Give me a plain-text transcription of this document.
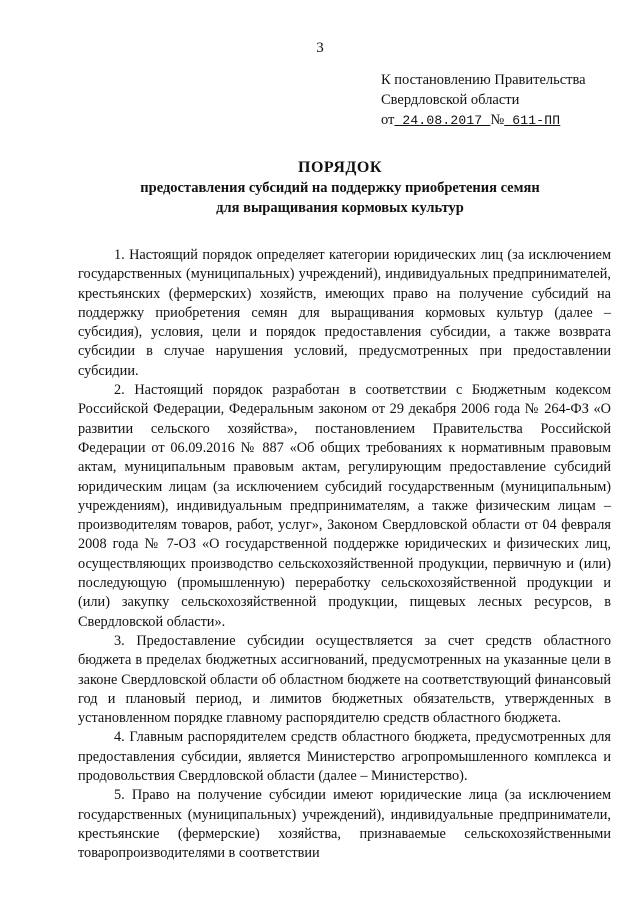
3
К постановлению Правительства
Свердловской области
от 24.08.2017 № 611-ПП
ПОРЯДОК
предоставления субсидий на поддержку приобретения семян
для выращивания кормовых культур

1. Настоящий порядок определяет категории юридических лиц (за исключением государственных (муниципальных) учреждений), индивидуальных предпринимателей, крестьянских (фермерских) хозяйств, имеющих право на получение субсидий на поддержку приобретения семян для выращивания кормовых культур (далее – субсидия), условия, цели и порядок предоставления субсидии, а также возврата субсидии в случае нарушения условий, предусмотренных при предоставлении субсидии.

2. Настоящий порядок разработан в соответствии с Бюджетным кодексом Российской Федерации, Федеральным законом от 29 декабря 2006 года № 264-ФЗ «О развитии сельского хозяйства», постановлением Правительства Российской Федерации от 06.09.2016 № 887 «Об общих требованиях к нормативным правовым актам, муниципальным правовым актам, регулирующим предоставление субсидий юридическим лицам (за исключением субсидий государственным (муниципальным) учреждениям), индивидуальным предпринимателям, а также физическим лицам – производителям товаров, работ, услуг», Законом Свердловской области от 04 февраля 2008 года № 7-ОЗ «О государственной поддержке юридических и физических лиц, осуществляющих производство сельскохозяйственной продукции, первичную и (или) последующую (промышленную) переработку сельскохозяйственной продукции и (или) закупку сельскохозяйственной продукции, пищевых лесных ресурсов, в Свердловской области».

3. Предоставление субсидии осуществляется за счет средств областного бюджета в пределах бюджетных ассигнований, предусмотренных на указанные цели в законе Свердловской области об областном бюджете на соответствующий финансовый год и плановый период, и лимитов бюджетных обязательств, утвержденных в установленном порядке главному распорядителю средств областного бюджета.

4. Главным распорядителем средств областного бюджета, предусмотренных для предоставления субсидии, является Министерство агропромышленного комплекса и продовольствия Свердловской области (далее – Министерство).

5. Право на получение субсидии имеют юридические лица (за исключением государственных (муниципальных) учреждений), индивидуальные предприниматели, крестьянские (фермерские) хозяйства, признаваемые сельскохозяйственными товаропроизводителями в соответствии
